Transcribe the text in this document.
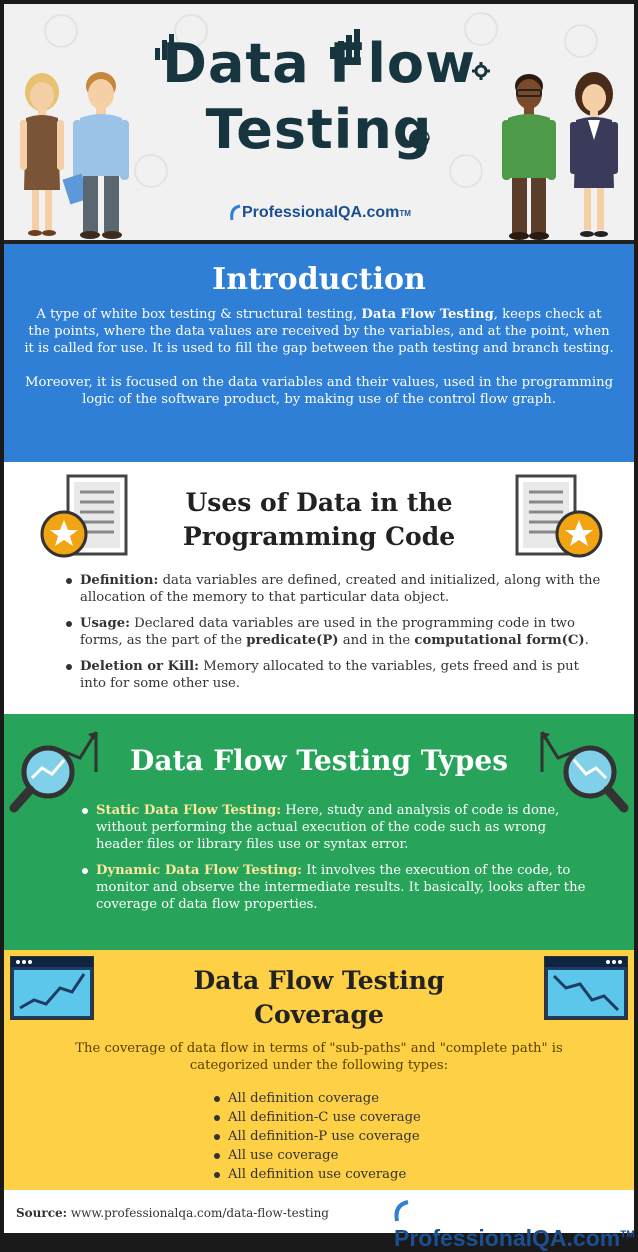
Data Flow
Testing
ProfessionalQA.com TM
Introduction

A type of white box testing & structural testing, Data Flow Testing, keeps check at the points, where the data values are received by the variables, and at the point, when it is called for use. It is used to fill the gap between the path testing and branch testing.

Moreover, it is focused on the data variables and their values, used in the programming logic of the software product, by making use of the control flow graph.

Uses of Data in the
Programming Code
Definition: data variables are defined, created and initialized, along with the allocation of the memory to that particular data object.
Usage: Declared data variables are used in the programming code in two forms, as the part of the predicate(P) and in the computational form(C).
Deletion or Kill: Memory allocated to the variables, gets freed and is put into for some other use.
Data Flow Testing Types
Static Data Flow Testing: Here, study and analysis of code is done, without performing the actual execution of the code such as wrong header files or library files use or syntax error.
Dynamic Data Flow Testing: It involves the execution of the code, to monitor and observe the intermediate results. It basically, looks after the coverage of data flow properties.
Data Flow Testing
Coverage

The coverage of data flow in terms of "sub-paths" and "complete path" is categorized under the following types:

All definition coverage
All definition-C use coverage
All definition-P use coverage
All use coverage
All definition use coverage
Source: www.professionalqa.com/data-flow-testing
ProfessionalQA.com™
